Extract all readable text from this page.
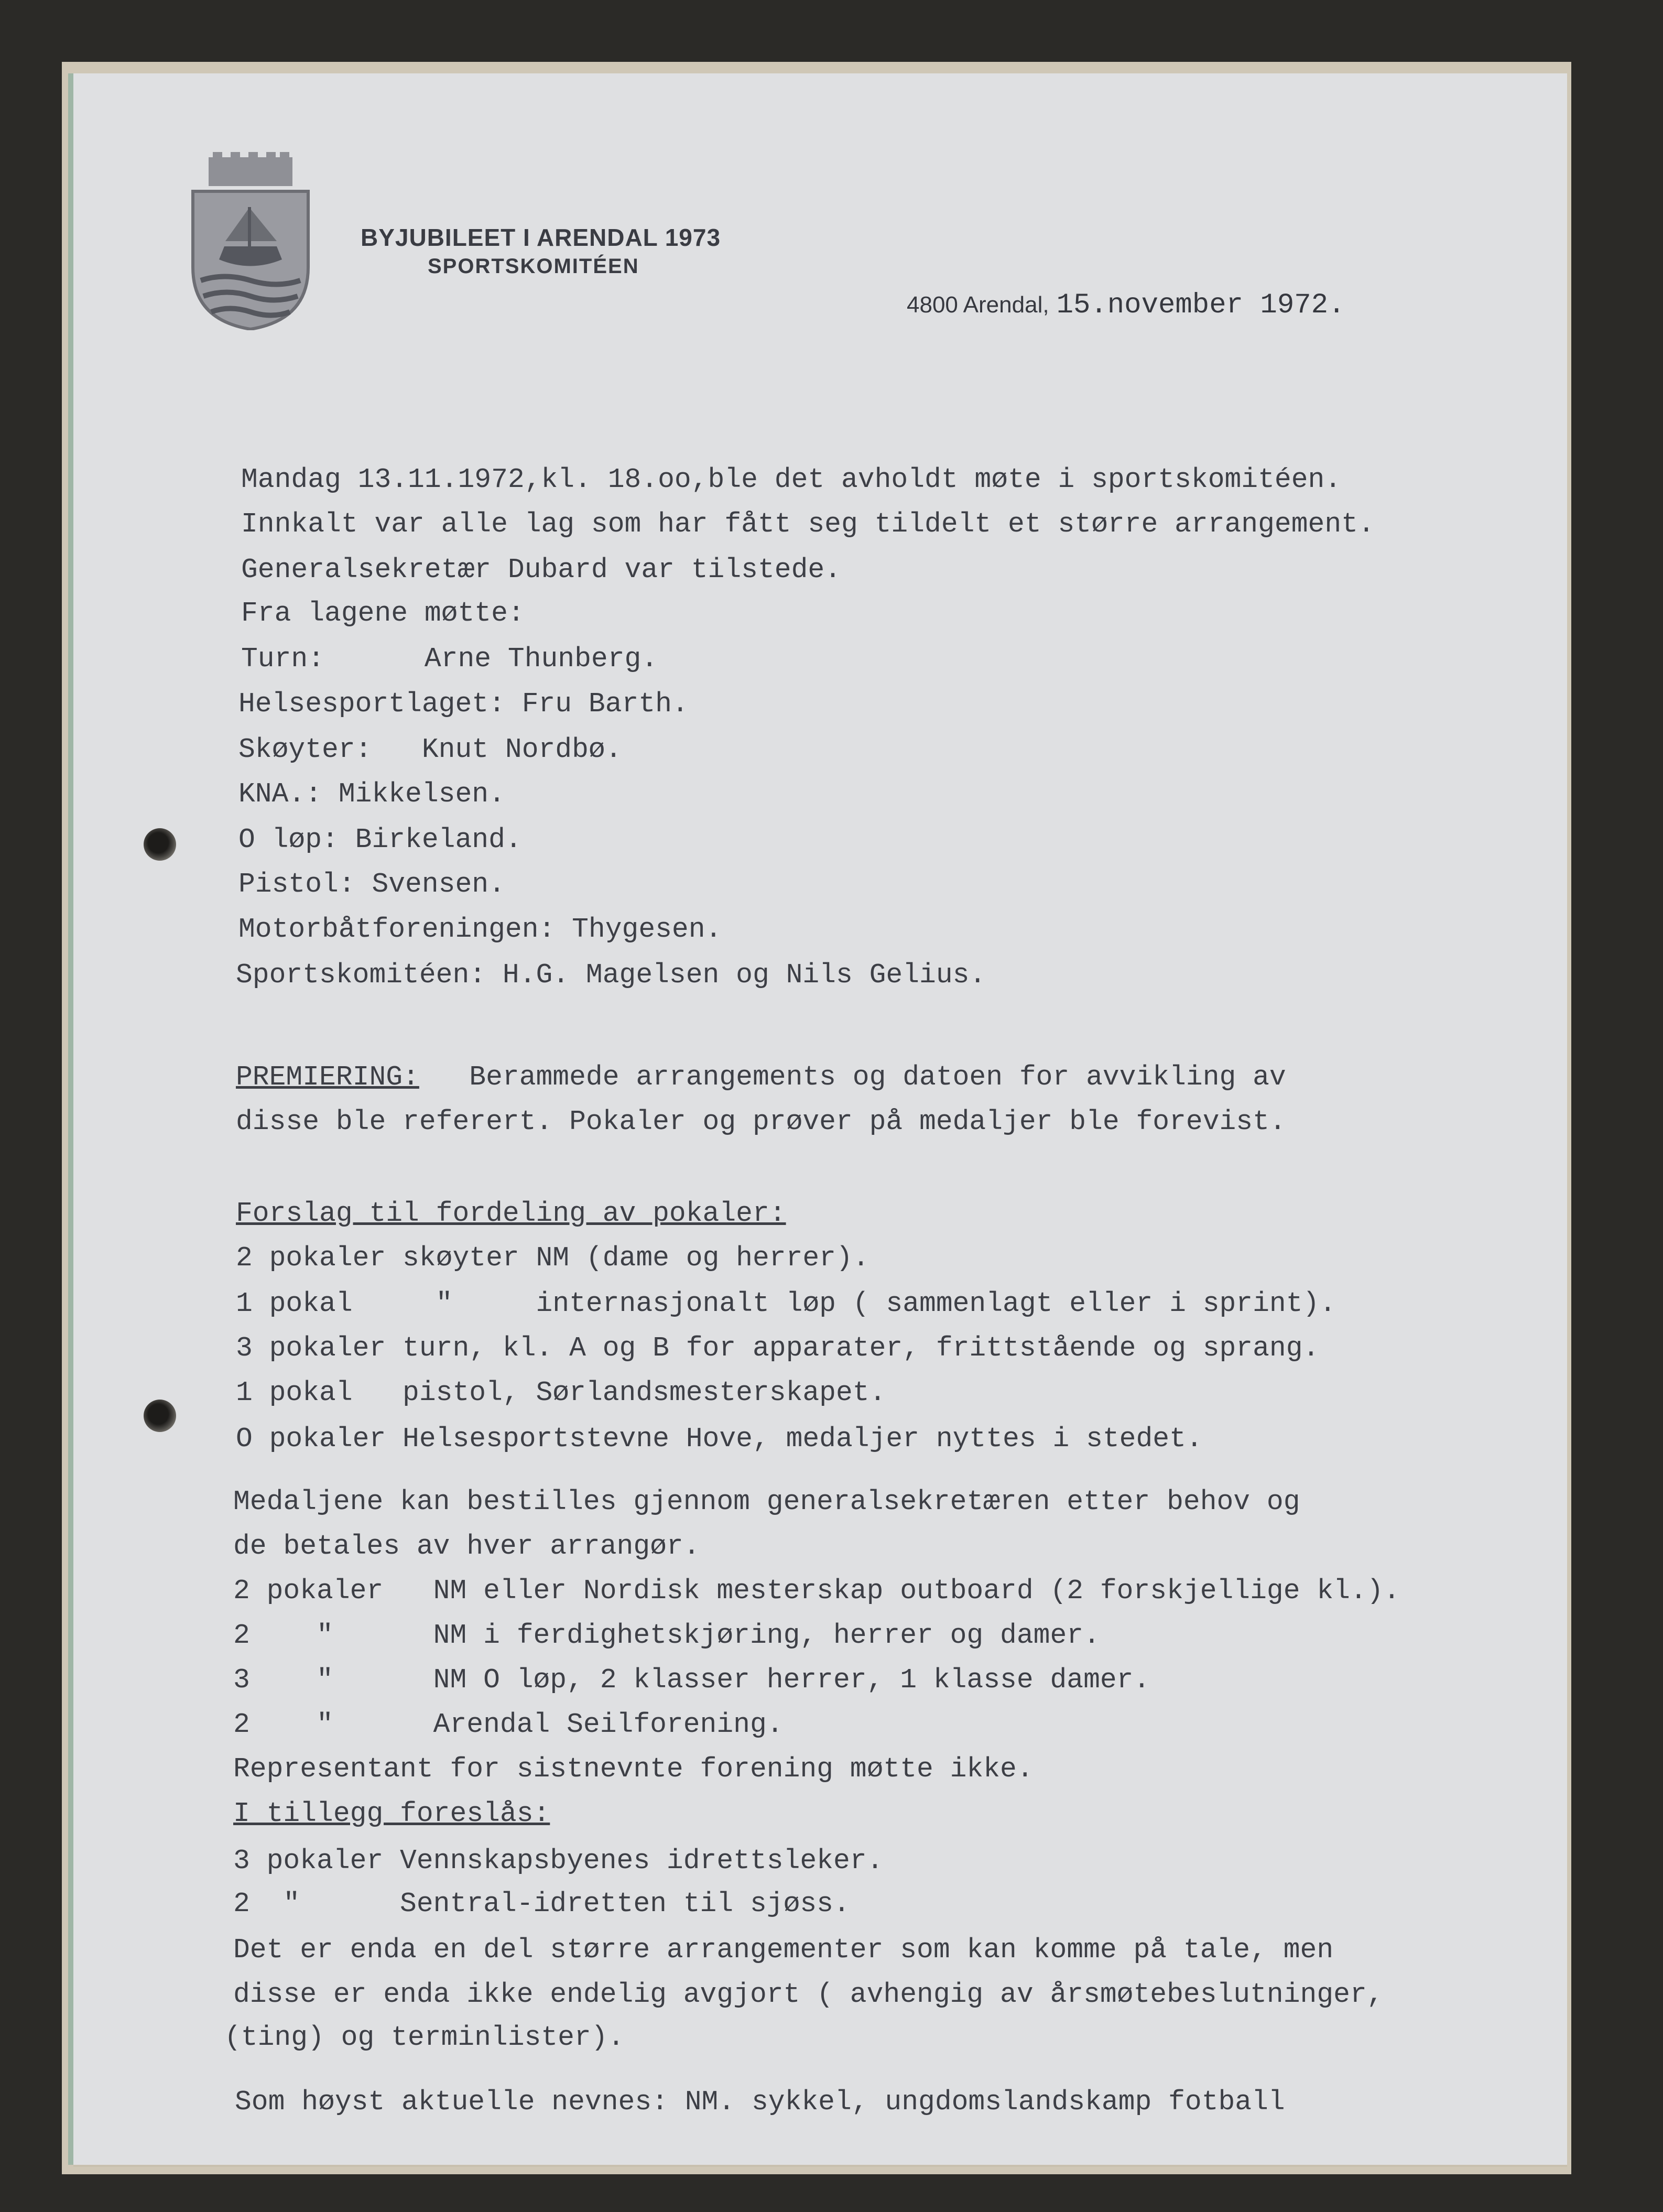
BYJUBILEET I ARENDAL 1973
SPORTSKOMITÉEN
4800 Arendal, 15.november 1972.
Mandag 13.11.1972,kl. 18.oo,ble det avholdt møte i sportskomitéen.
Innkalt var alle lag som har fått seg tildelt et større arrangement.
Generalsekretær Dubard var tilstede.
Fra lagene møtte:
Turn:      Arne Thunberg.
Helsesportlaget: Fru Barth.
Skøyter:   Knut Nordbø.
KNA.: Mikkelsen.
O løp: Birkeland.
Pistol: Svensen.
Motorbåtforeningen: Thygesen.
Sportskomitéen: H.G. Magelsen og Nils Gelius.
PREMIERING:   Berammede arrangements og datoen for avvikling av
disse ble referert. Pokaler og prøver på medaljer ble forevist.
Forslag til fordeling av pokaler:
2 pokaler skøyter NM (dame og herrer).
1 pokal     "     internasjonalt løp ( sammenlagt eller i sprint).
3 pokaler turn, kl. A og B for apparater, frittstående og sprang.
1 pokal   pistol, Sørlandsmesterskapet.
O pokaler Helsesportstevne Hove, medaljer nyttes i stedet.
Medaljene kan bestilles gjennom generalsekretæren etter behov og
de betales av hver arrangør.
2 pokaler   NM eller Nordisk mesterskap outboard (2 forskjellige kl.).
2    "      NM i ferdighetskjøring, herrer og damer.
3    "      NM O løp, 2 klasser herrer, 1 klasse damer.
2    "      Arendal Seilforening.
Representant for sistnevnte forening møtte ikke.
I tillegg foreslås:
3 pokaler Vennskapsbyenes idrettsleker.
2  "      Sentral-idretten til sjøss.
Det er enda en del større arrangementer som kan komme på tale, men
disse er enda ikke endelig avgjort ( avhengig av årsmøtebeslutninger,
(ting) og terminlister).
Som høyst aktuelle nevnes: NM. sykkel, ungdomslandskamp fotball
